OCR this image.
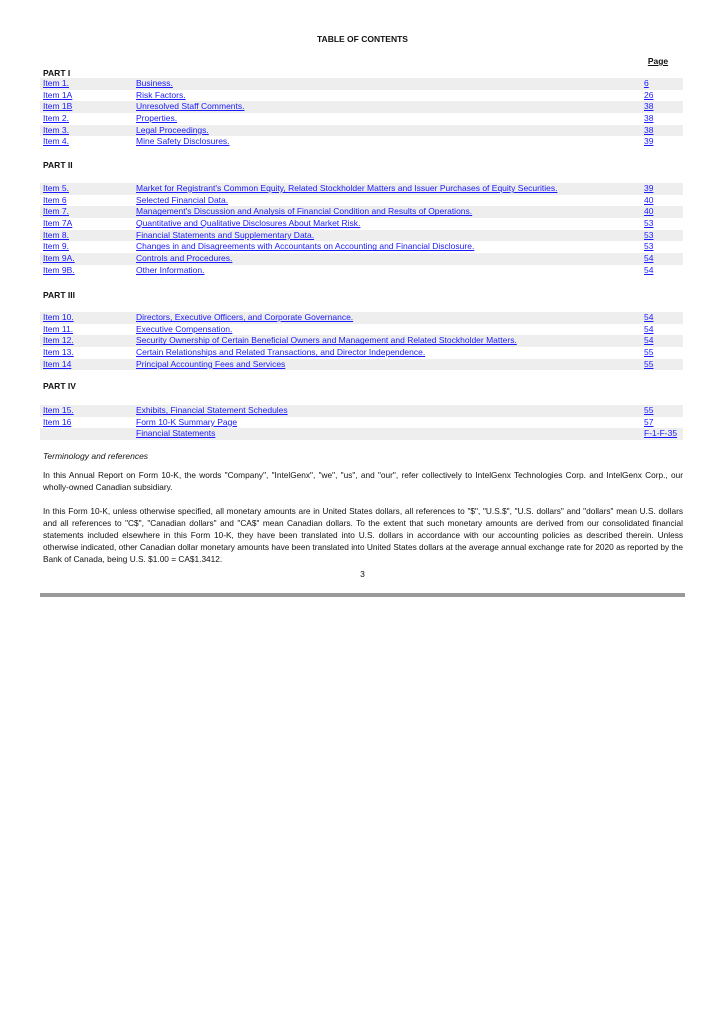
TABLE OF CONTENTS
Page
PART I
Item 1.	Business.	6
Item 1A	Risk Factors.	26
Item 1B	Unresolved Staff Comments.	38
Item 2.	Properties.	38
Item 3.	Legal Proceedings.	38
Item 4.	Mine Safety Disclosures.	39
PART II
Item 5.	Market for Registrant's Common Equity, Related Stockholder Matters and Issuer Purchases of Equity Securities.	39
Item 6	Selected Financial Data.	40
Item 7.	Management's Discussion and Analysis of Financial Condition and Results of Operations.	40
Item 7A	Quantitative and Qualitative Disclosures About Market Risk.	53
Item 8.	Financial Statements and Supplementary Data.	53
Item 9.	Changes in and Disagreements with Accountants on Accounting and Financial Disclosure.	53
Item 9A.	Controls and Procedures.	54
Item 9B.	Other Information.	54
PART III
Item 10.	Directors, Executive Officers, and Corporate Governance.	54
Item 11.	Executive Compensation.	54
Item 12.	Security Ownership of Certain Beneficial Owners and Management and Related Stockholder Matters.	54
Item 13.	Certain Relationships and Related Transactions, and Director Independence.	55
Item 14	Principal Accounting Fees and Services	55
PART IV
Item 15.	Exhibits, Financial Statement Schedules	55
Item 16	Form 10-K Summary Page	57
Financial Statements	F-1-F-35
Terminology and references
In this Annual Report on Form 10-K, the words "Company", "IntelGenx", "we", "us", and "our", refer collectively to IntelGenx Technologies Corp. and IntelGenx Corp., our wholly-owned Canadian subsidiary.
In this Form 10-K, unless otherwise specified, all monetary amounts are in United States dollars, all references to "$", "U.S.$", "U.S. dollars" and "dollars" mean U.S. dollars and all references to "C$", "Canadian dollars" and "CA$" mean Canadian dollars. To the extent that such monetary amounts are derived from our consolidated financial statements included elsewhere in this Form 10-K, they have been translated into U.S. dollars in accordance with our accounting policies as described therein. Unless otherwise indicated, other Canadian dollar monetary amounts have been translated into United States dollars at the average annual exchange rate for 2020 as reported by the Bank of Canada, being U.S. $1.00 = CA$1.3412.
3
